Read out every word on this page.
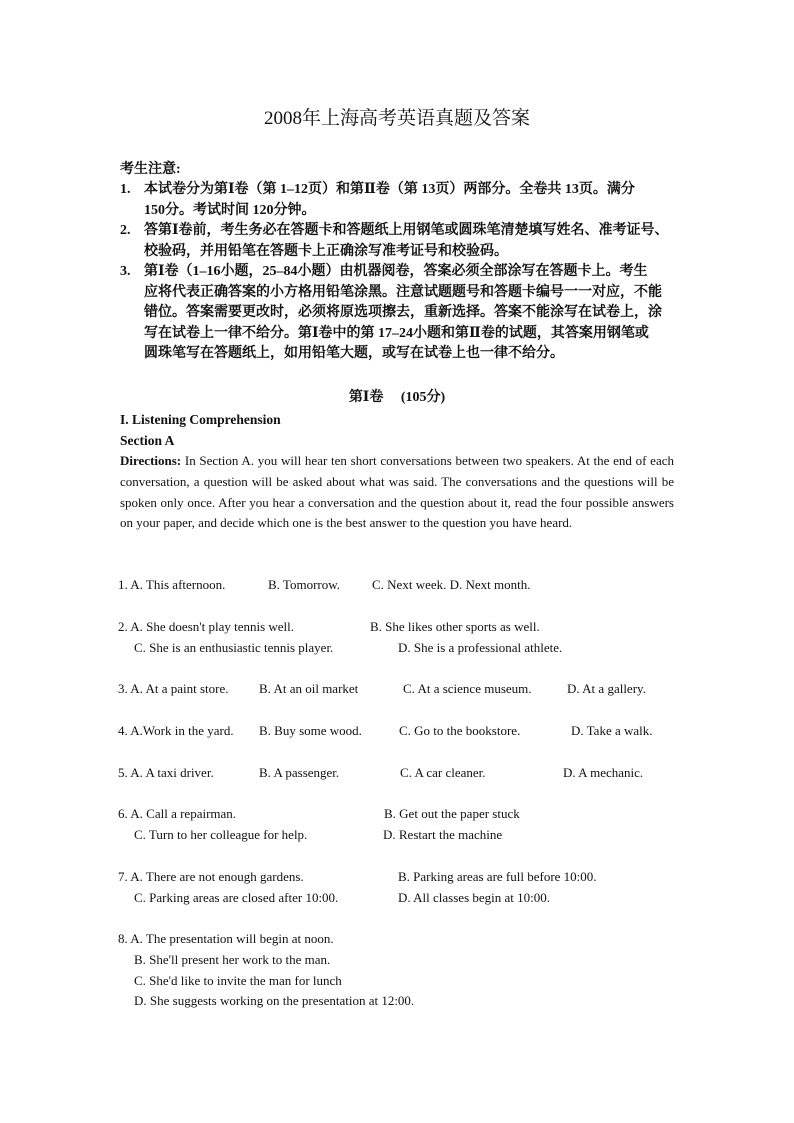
2008年上海高考英语真题及答案
考生注意:
1. 本试卷分为第Ⅰ卷（第 1–12页）和第Ⅱ卷（第 13页）两部分。全卷共 13页。满分
150分。考试时间 120分钟。
2. 答第Ⅰ卷前，考生务必在答题卡和答题纸上用钢笔或圆珠笔清楚填写姓名、准考证号、
校验码，并用铅笔在答题卡上正确涂写准考证号和校验码。
3. 第Ⅰ卷（1–16小题，25–84小题）由机器阅卷，答案必须全部涂写在答题卡上。考生
应将代表正确答案的小方格用铅笔涂黑。注意试题题号和答题卡编号一一对应，不能
错位。答案需要更改时，必须将原选项擦去，重新选择。答案不能涂写在试卷上，涂
写在试卷上一律不给分。第Ⅰ卷中的第 17–24小题和第Ⅱ卷的试题，其答案用钢笔或
圆珠笔写在答题纸上，如用铅笔大题，或写在试卷上也一律不给分。
第Ⅰ卷　 (105分)
I. Listening Comprehension
Section A
Directions: In Section A. you will hear ten short conversations between two speakers. At the end of each conversation, a question will be asked about what was said. The conversations and the questions will be spoken only once. After you hear a conversation and the question about it, read the four possible answers on your paper, and decide which one is the best answer to the question you have heard.
1. A. This afternoon.	B. Tomorrow. C. Next week. D. Next month.
2. A. She doesn't play tennis well.	B. She likes other sports as well.
C. She is an enthusiastic tennis player.	D. She is a professional athlete.
3. A. At a paint store. B. At an oil market	C. At a science museum.	D. At a gallery.
4. A.Work in the yard. B. Buy some wood.	C. Go to the bookstore.	D. Take a walk.
5. A. A taxi driver.	B. A passenger.	C. A car cleaner.	D. A mechanic.
6. A. Call a repairman.	B. Get out the paper stuck
C. Turn to her colleague for help.	D. Restart the machine
7. A. There are not enough gardens.	B. Parking areas are full before 10:00.
C. Parking areas are closed after 10:00.	D. All classes begin at 10:00.
8. A. The presentation will begin at noon.
B. She'll present her work to the man.
C. She'd like to invite the man for lunch
D. She suggests working on the presentation at 12:00.
